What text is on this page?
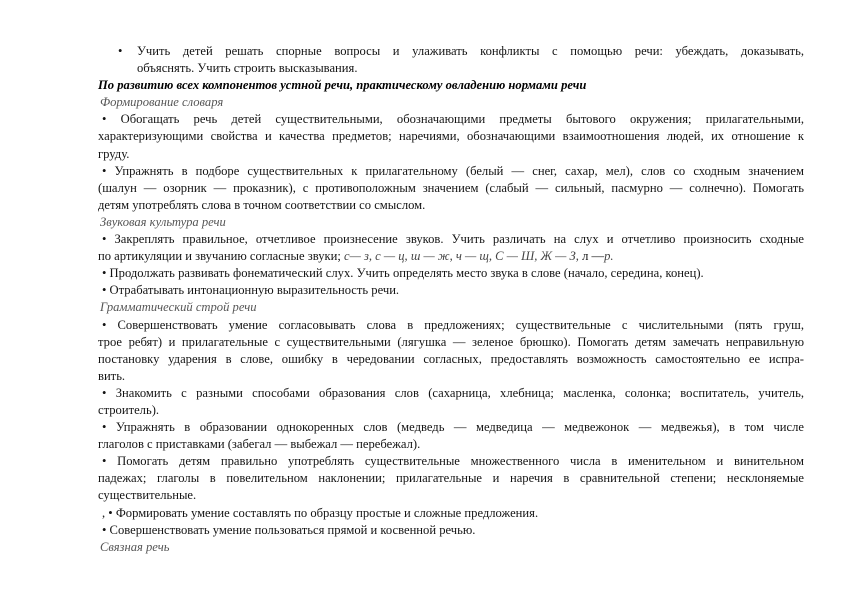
• Учить детей решать спорные вопросы и улаживать конфликты с помощью речи: убеждать, доказывать,
объяснять. Учить строить высказывания.
По развитию всех компонентов устной речи, практическому овладению нормами речи
Формирование словаря
• Обогащать речь детей существительными, обозначающими предметы бытового окружения; прилагательными,
характеризующими свойства и качества предметов; наречиями, обозначающими взаимоотношения людей, их отношение к
груду.
• Упражнять в подборе существительных к прилагательному (белый — снег, сахар, мел), слов со сходным значением
(шалун — озорник — проказник), с противоположным значением (слабый — сильный, пасмурно — солнечно). Помогать
детям употреблять слова в точном соответствии со смыслом.
Звуковая культура речи
• Закреплять правильное, отчетливое произнесение звуков. Учить различать на слух и отчетливо произносить сходные
по артикуляции и звучанию согласные звуки; с— з, с — ц, ш — ж, ч — щ, С — Ш, Ж — З, л —р.
• Продолжать развивать фонематический слух. Учить определять место звука в слове (начало, середина, конец).
• Отрабатывать интонационную выразительность речи.
Грамматический строй речи
• Совершенствовать умение согласовывать слова в предложениях; существительные с числительными (пять груш,
трое ребят) и прилагательные с существительными (лягушка — зеленое брюшко). Помогать детям замечать неправильную
постановку ударения в слове, ошибку в чередовании согласных, предоставлять возможность самостоятельно ее испра-
вить.
• Знакомить с разными способами образования слов (сахарница, хлебница; масленка, солонка; воспитатель, учитель,
строитель).
• Упражнять в образовании однокоренных слов (медведь — медведица — медвежонок — медвежья), в том числе
глаголов с приставками (забегал — выбежал — перебежал).
• Помогать детям правильно употреблять существительные множественного числа в именительном и винительном
падежах; глаголы в повелительном наклонении; прилагательные и наречия в сравнительной степени; несклоняемые
существительные.
, • Формировать умение составлять по образцу простые и сложные предложения.
• Совершенствовать умение пользоваться прямой и косвенной речью.
Связная речь
